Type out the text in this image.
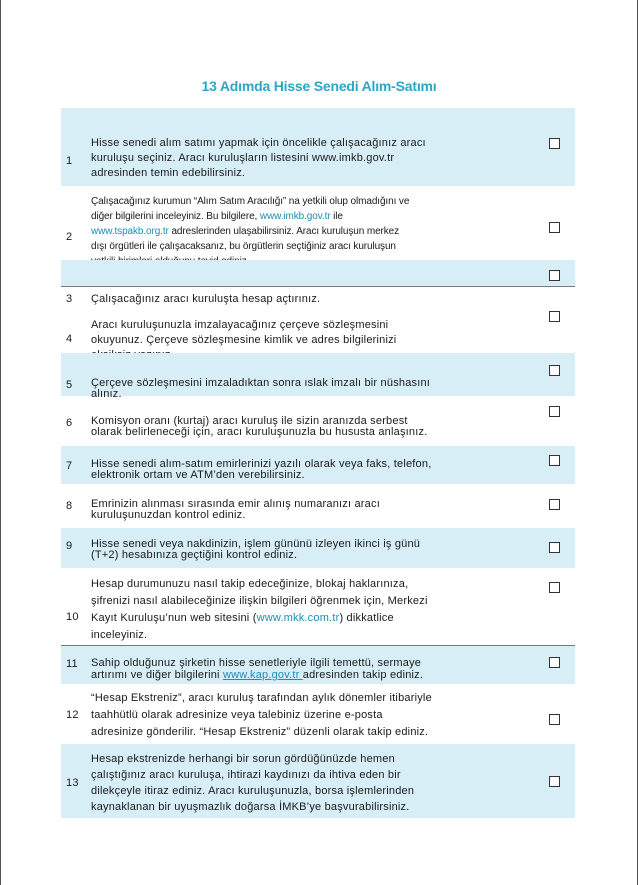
13 Adımda Hisse Senedi Alım-Satımı
1
Hisse senedi alım satımı yapmak için öncelikle çalışacağınız aracı
kuruluşu seçiniz. Aracı kuruluşların listesini www.imkb.gov.tr
adresinden temin edebilirsiniz.
2
Çalışacağınız kurumun “Alım Satım Aracılığı” na yetkili olup olmadığını ve
diğer bilgilerini inceleyiniz. Bu bilgilere, www.imkb.gov.tr ile
www.tspakb.org.tr adreslerinden ulaşabilirsiniz. Aracı kuruluşun merkez
dışı örgütleri ile çalışacaksanız, bu örgütlerin seçtiğiniz aracı kuruluşun
3 Çalışacağınız aracı kuruluşta hesap açtırınız.
4
Aracı kuruluşunuzla imzalayacağınız çerçeve sözleşmesini
okuyunuz. Çerçeve sözleşmesine kimlik ve adres bilgilerinizi
5 Çerçeve sözleşmesini imzaladıktan sonra ıslak imzalı bir nüshasını
alınız.
6 Komisyon oranı (kurtaj) aracı kuruluş ile sizin aranızda serbest
olarak belirleneceği için, aracı kuruluşunuzla bu hususta anlaşınız.
7 Hisse senedi alım-satım emirlerinizi yazılı olarak veya faks, telefon,
elektronik ortam ve ATM’den verebilirsiniz.
8 Emrinizin alınması sırasında emir alınış numaranızı aracı
kuruluşunuzdan kontrol ediniz.
9 Hisse senedi veya nakdinizin, işlem gününü izleyen ikinci iş günü
(T+2) hesabınıza geçtiğini kontrol ediniz.
10
Hesap durumunuzu nasıl takip edeceğinize, blokaj haklarınıza,
şifrenizi nasıl alabileceğinize ilişkin bilgileri öğrenmek için, Merkezi
Kayıt Kuruluşu’nun web sitesini (www.mkk.com.tr) dikkatlice
inceleyiniz.
11 Sahip olduğunuz şirketin hisse senetleriyle ilgili temettü, sermaye
artırımı ve diğer bilgilerini www.kap.gov.tr adresinden takip ediniz.
12
“Hesap Ekstreniz”, aracı kuruluş tarafından aylık dönemler itibariyle
taahhütlü olarak adresinize veya talebiniz üzerine e-posta
adresinize gönderilir. “Hesap Ekstreniz” düzenli olarak takip ediniz.
13
Hesap ekstrenizde herhangi bir sorun gördüğünüzde hemen
çalıştığınız aracı kuruluşa, ihtirazi kaydınızı da ihtiva eden bir
dilekçeyle itiraz ediniz. Aracı kuruluşunuzla, borsa işlemlerinden
kaynaklanan bir uyuşmazlık doğarsa İMKB’ye başvurabilirsiniz.
